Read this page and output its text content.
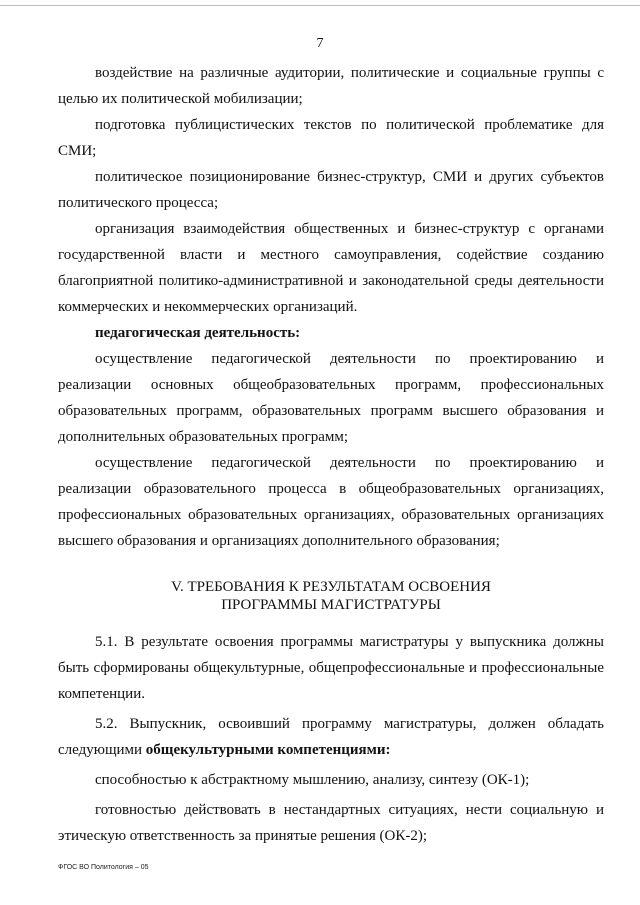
7

воздействие на различные аудитории, политические и социальные группы с целью их политической мобилизации;

подготовка публицистических текстов по политической проблематике для СМИ;

политическое позиционирование бизнес-структур, СМИ и других субъектов политического процесса;

организация взаимодействия общественных и бизнес-структур с органами государственной власти и местного самоуправления, содействие созданию благоприятной политико-административной и законодательной среды деятельности коммерческих и некоммерческих организаций.

педагогическая деятельность:

осуществление педагогической деятельности по проектированию и реализации основных общеобразовательных программ, профессиональных образовательных программ, образовательных программ высшего образования и дополнительных образовательных программ;

осуществление педагогической деятельности по проектированию и реализации образовательного процесса в общеобразовательных организациях, профессиональных образовательных организациях, образовательных организациях высшего образования и организациях дополнительного образования;

V. ТРЕБОВАНИЯ К РЕЗУЛЬТАТАМ ОСВОЕНИЯ
ПРОГРАММЫ МАГИСТРАТУРЫ

5.1. В результате освоения программы магистратуры у выпускника должны быть сформированы общекультурные, общепрофессиональные и профессиональные компетенции.

5.2. Выпускник, освоивший программу магистратуры, должен обладать следующими общекультурными компетенциями:

способностью к абстрактному мышлению, анализу, синтезу (ОК-1);

готовностью действовать в нестандартных ситуациях, нести социальную и этическую ответственность за принятые решения (ОК-2);

ФГОС ВО Политология – 05
